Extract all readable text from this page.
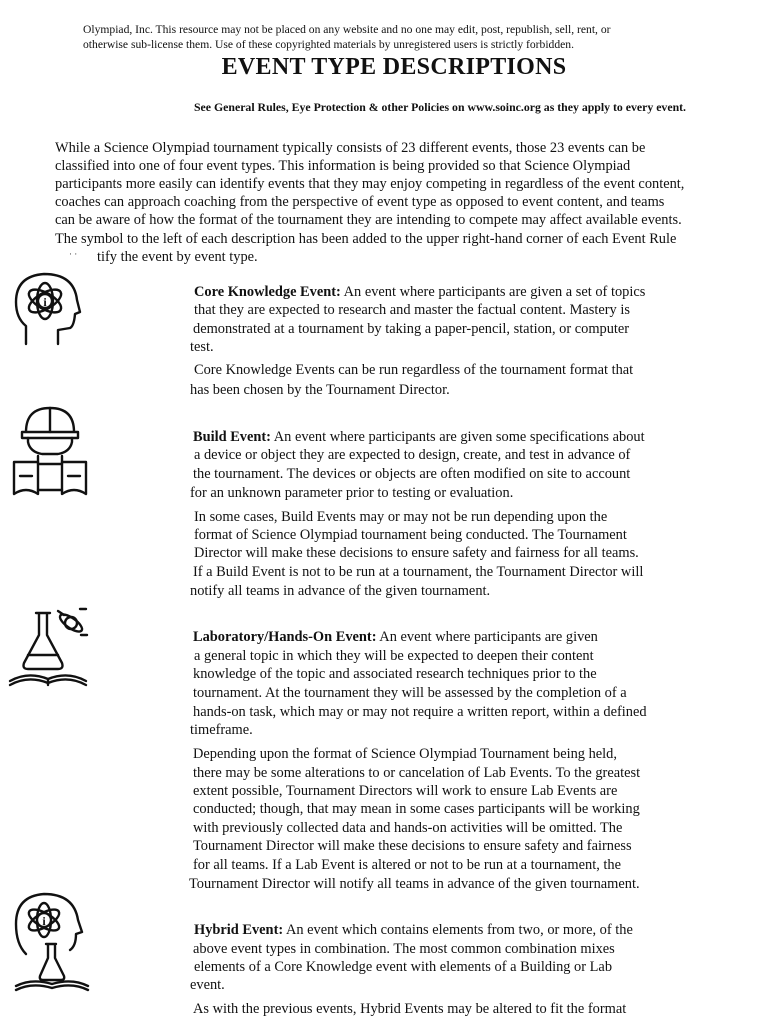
Olympiad, Inc. This resource may not be placed on any website and no one may edit, post, republish, sell, rent, or
otherwise sub-license them. Use of these copyrighted materials by unregistered users is strictly forbidden.
EVENT TYPE DESCRIPTIONS
See General Rules, Eye Protection & other Policies on www.soinc.org as they apply to every event.
While a Science Olympiad tournament typically consists of 23 different events, those 23 events can be
classified into one of four event types. This information is being provided so that Science Olympiad
participants more easily can identify events that they may enjoy competing in regardless of the event content,
coaches can approach coaching from the perspective of event type as opposed to event content, and teams
can be aware of how the format of the tournament they are intending to compete may affect available events.
The symbol to the left of each description has been added to the upper right-hand corner of each Event Rule
· · tify the event by event type.
i
i
Core Knowledge Event: An event where participants are given a set of topics
that they are expected to research and master the factual content. Mastery is
demonstrated at a tournament by taking a paper-pencil, station, or computer
test.
Core Knowledge Events can be run regardless of the tournament format that
has been chosen by the Tournament Director.
Build Event: An event where participants are given some specifications about
a device or object they are expected to design, create, and test in advance of
the tournament. The devices or objects are often modified on site to account
for an unknown parameter prior to testing or evaluation.
In some cases, Build Events may or may not be run depending upon the
format of Science Olympiad tournament being conducted. The Tournament
Director will make these decisions to ensure safety and fairness for all teams.
If a Build Event is not to be run at a tournament, the Tournament Director will
notify all teams in advance of the given tournament.
Laboratory/Hands-On Event: An event where participants are given
a general topic in which they will be expected to deepen their content
knowledge of the topic and associated research techniques prior to the
tournament. At the tournament they will be assessed by the completion of a
hands-on task, which may or may not require a written report, within a defined
timeframe.
Depending upon the format of Science Olympiad Tournament being held,
there may be some alterations to or cancelation of Lab Events. To the greatest
extent possible, Tournament Directors will work to ensure Lab Events are
conducted; though, that may mean in some cases participants will be working
with previously collected data and hands-on activities will be omitted. The
Tournament Director will make these decisions to ensure safety and fairness
for all teams. If a Lab Event is altered or not to be run at a tournament, the
Tournament Director will notify all teams in advance of the given tournament.
Hybrid Event: An event which contains elements from two, or more, of the
above event types in combination. The most common combination mixes
elements of a Core Knowledge event with elements of a Building or Lab
event.
As with the previous events, Hybrid Events may be altered to fit the format
